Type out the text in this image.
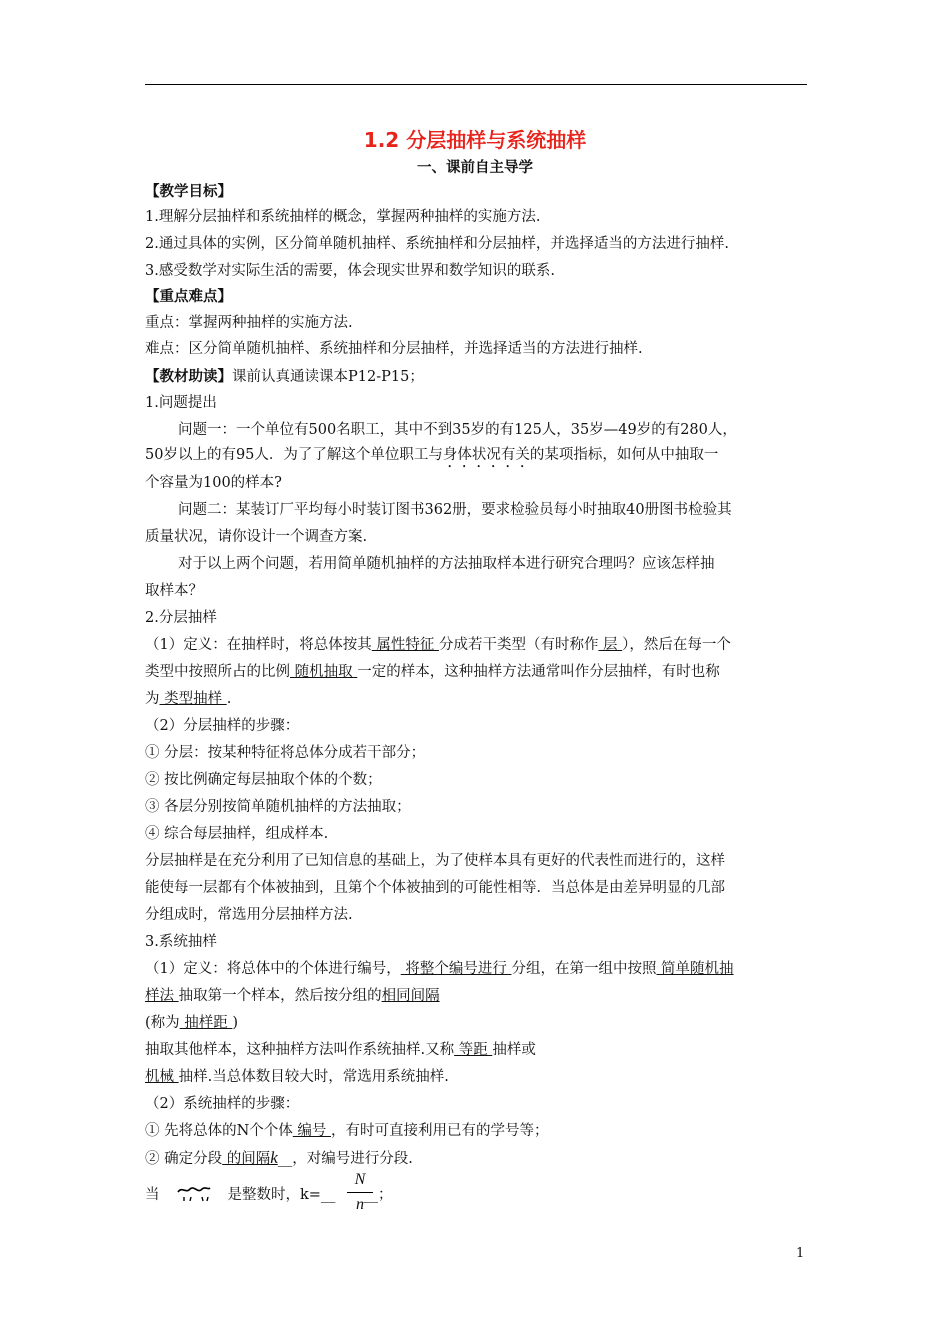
1.2 分层抽样与系统抽样
一、课前自主导学
【教学目标】
1.理解分层抽样和系统抽样的概念，掌握两种抽样的实施方法.
2.通过具体的实例，区分简单随机抽样、系统抽样和分层抽样，并选择适当的方法进行抽样.
3.感受数学对实际生活的需要，体会现实世界和数学知识的联系.
【重点难点】
重点：掌握两种抽样的实施方法.
难点：区分简单随机抽样、系统抽样和分层抽样，并选择适当的方法进行抽样.
【教材助读】课前认真通读课本P12-P15；
1.问题提出
问题一：一个单位有500名职工，其中不到35岁的有125人，35岁—49岁的有280人，
50岁以上的有95人．为了了解这个单位职工与身体状况有关的某项指标，如何从中抽取一
个容量为100的样本?
问题二：某装订厂平均每小时装订图书362册，要求检验员每小时抽取40册图书检验其
质量状况，请你设计一个调查方案.
对于以上两个问题，若用简单随机抽样的方法抽取样本进行研究合理吗？应该怎样抽
取样本？
2.分层抽样
（1）定义：在抽样时，将总体按其 属性特征 分成若干类型（有时称作 层 ），然后在每一个
类型中按照所占的比例 随机抽取 一定的样本，这种抽样方法通常叫作分层抽样，有时也称
为 类型抽样 .
（2）分层抽样的步骤：
① 分层：按某种特征将总体分成若干部分；
② 按比例确定每层抽取个体的个数；
③ 各层分别按简单随机抽样的方法抽取；
④ 综合每层抽样，组成样本.
分层抽样是在充分利用了已知信息的基础上，为了使样本具有更好的代表性而进行的，这样
能使每一层都有个体被抽到，且第个个体被抽到的可能性相等．当总体是由差异明显的几部
分组成时，常选用分层抽样方法.
3.系统抽样
（1）定义：将总体中的个体进行编号， 将整个编号进行 分组，在第一组中按照 简单随机抽
样法 抽取第一个样本，然后按分组的相同间隔
(称为 抽样距 )
抽取其他样本，这种抽样方法叫作系统抽样.又称 等距 抽样或
机械 抽样.当总体数目较大时，常选用系统抽样.
（2）系统抽样的步骤：
① 先将总体的N个个体 编号 ，有时可直接利用已有的学号等；
② 确定分段 的间隔k__，对编号进行分段.
当	是整数时，k=__ __；
N
n
1
